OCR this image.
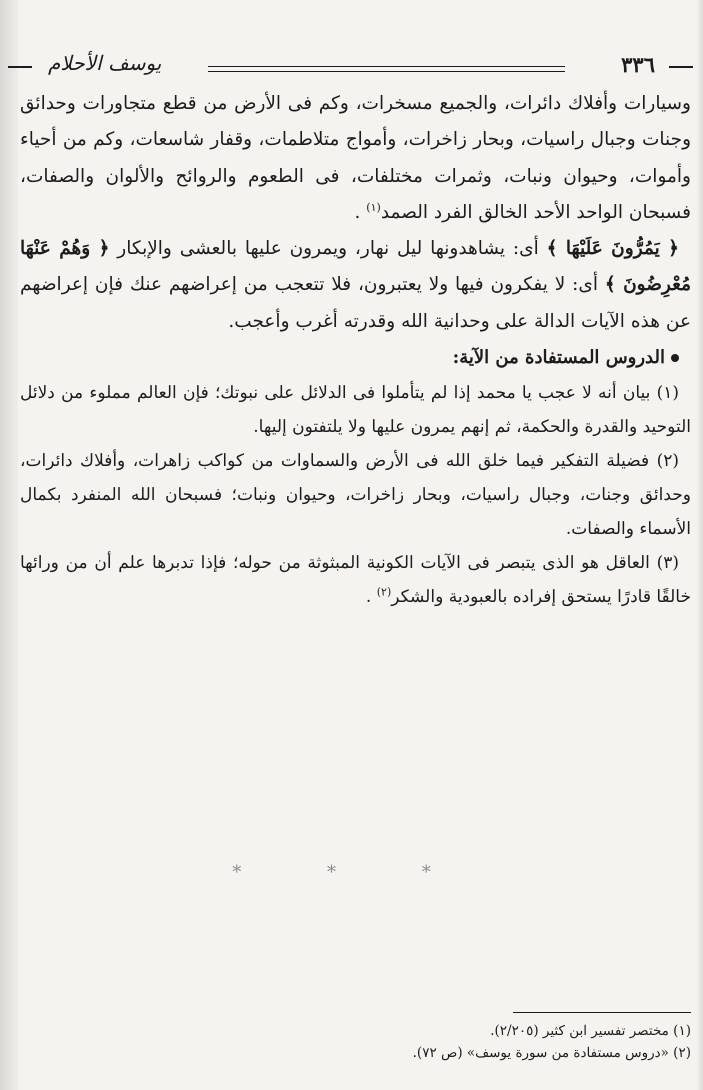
٣٣٦
يوسف الأحلام

وسيارات وأفلاك دائرات، والجميع مسخرات، وكم فى الأرض من قطع متجاورات وحدائق وجنات وجبال راسيات، وبحار زاخرات، وأمواج متلاطمات، وقفار شاسعات، وكم من أحياء وأموات، وحيوان ونبات، وثمرات مختلفات، فى الطعوم والروائح والألوان والصفات، فسبحان الواحد الأحد الخالق الفرد الصمد$^{(١)}$ .

﴿ يَمُرُّونَ عَلَيْهَا ﴾ أى: يشاهدونها ليل نهار، ويمرون عليها بالعشى والإبكار ﴿ وَهُمْ عَنْهَا مُعْرِضُونَ ﴾ أى: لا يفكرون فيها ولا يعتبرون، فلا تتعجب من إعراضهم عنك فإن إعراضهم عن هذه الآيات الدالة على وحدانية الله وقدرته أغرب وأعجب.

الدروس المستفادة من الآية:

(١) بيان أنه لا عجب يا محمد إذا لم يتأملوا فى الدلائل على نبوتك؛ فإن العالم مملوء من دلائل التوحيد والقدرة والحكمة، ثم إنهم يمرون عليها ولا يلتفتون إليها.

(٢) فضيلة التفكير فيما خلق الله فى الأرض والسماوات من كواكب زاهرات، وأفلاك دائرات، وحدائق وجنات، وجبال راسيات، وبحار زاخرات، وحيوان ونبات؛ فسبحان الله المنفرد بكمال الأسماء والصفات.

(٣) العاقل هو الذى يتبصر فى الآيات الكونية المبثوثة من حوله؛ فإذا تدبرها علم أن من ورائها خالقًا قادرًا يستحق إفراده بالعبودية والشكر$^{(٢)}$ .

* * *

(١) مختصر تفسير ابن كثير (٢/٢٠٥).

(٢) «دروس مستفادة من سورة يوسف» (ص ٧٢).
